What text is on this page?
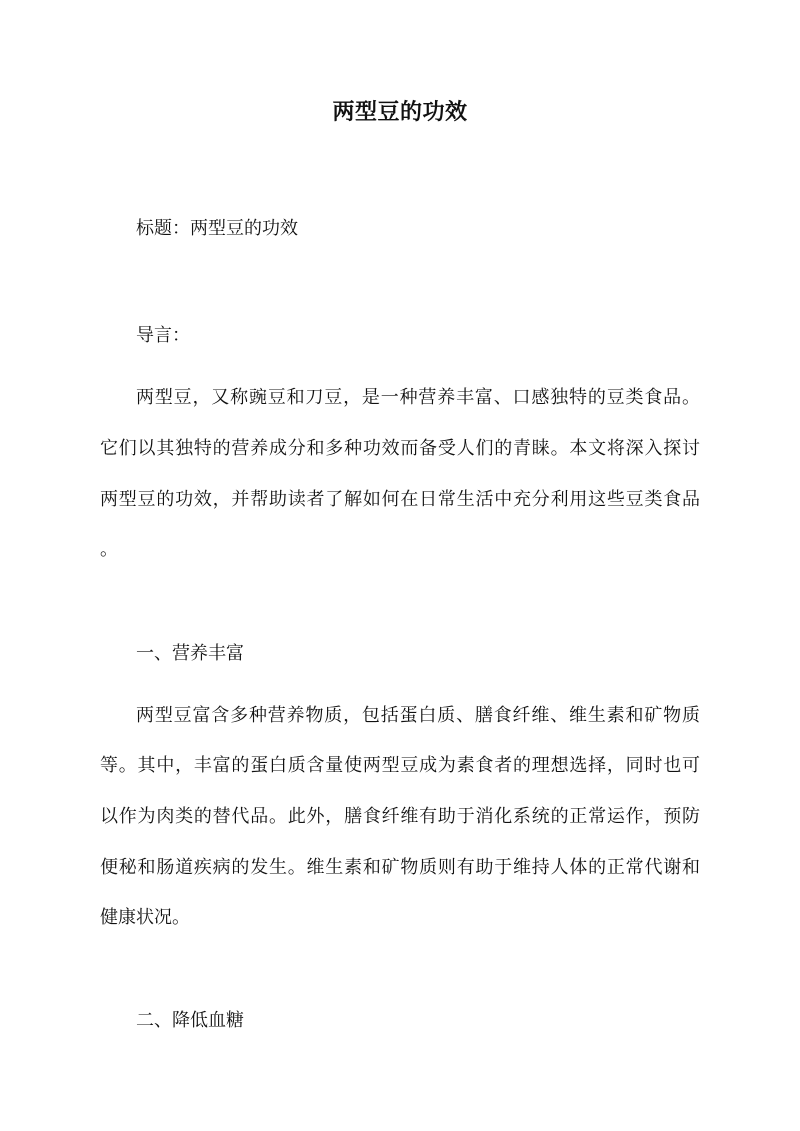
两型豆的功效
标题：两型豆的功效
导言：
两型豆，又称豌豆和刀豆，是一种营养丰富、口感独特的豆类食品。
它们以其独特的营养成分和多种功效而备受人们的青睐。本文将深入探讨
两型豆的功效，并帮助读者了解如何在日常生活中充分利用这些豆类食品
。
一、营养丰富
两型豆富含多种营养物质，包括蛋白质、膳食纤维、维生素和矿物质
等。其中，丰富的蛋白质含量使两型豆成为素食者的理想选择，同时也可
以作为肉类的替代品。此外，膳食纤维有助于消化系统的正常运作，预防
便秘和肠道疾病的发生。维生素和矿物质则有助于维持人体的正常代谢和
健康状况。
二、降低血糖
